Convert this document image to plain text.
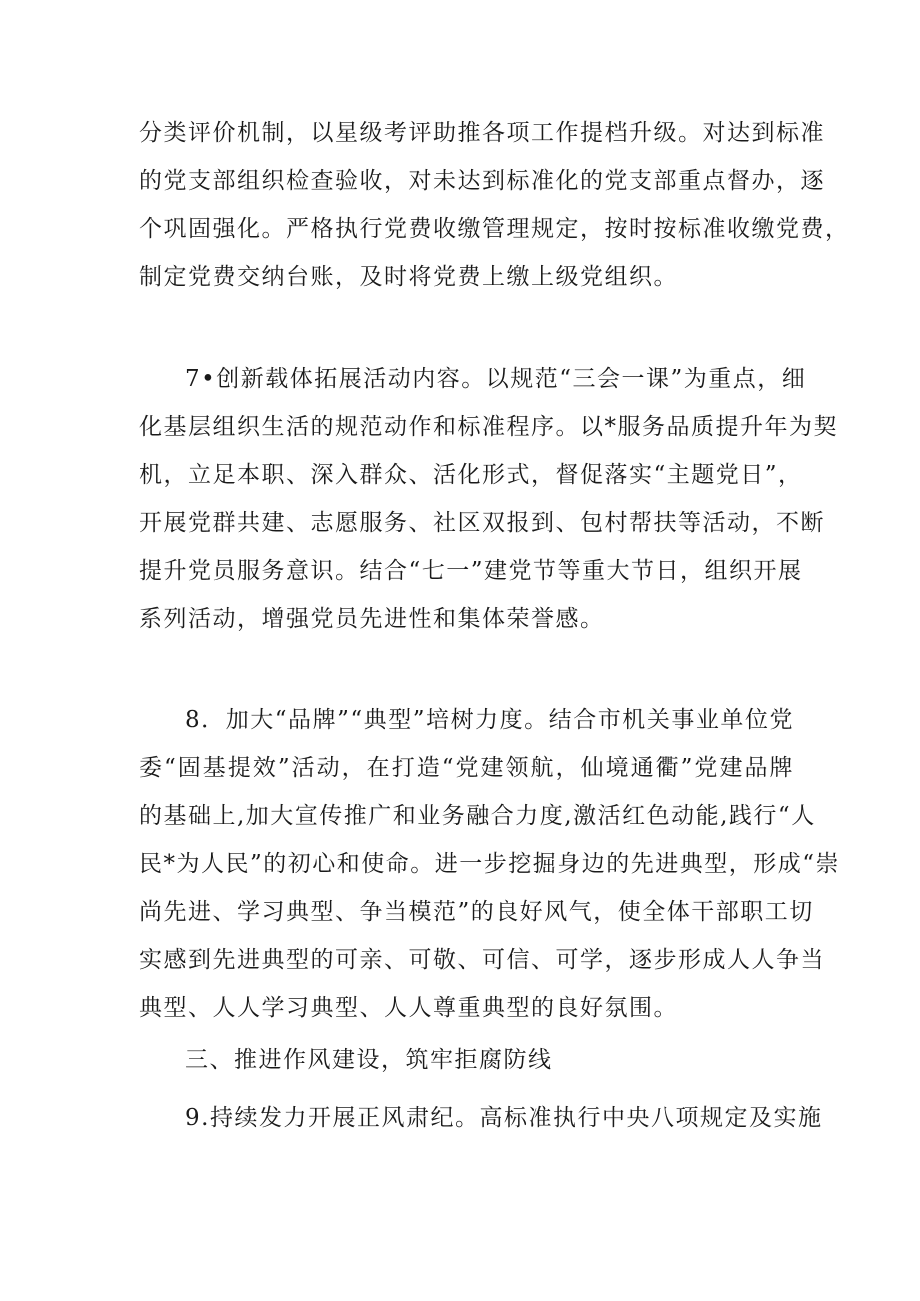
分类评价机制，以星级考评助推各项工作提档升级。对达到标准
的党支部组织检查验收，对未达到标准化的党支部重点督办，逐
个巩固强化。严格执行党费收缴管理规定，按时按标准收缴党费，
制定党费交纳台账，及时将党费上缴上级党组织。
7•创新载体拓展活动内容。以规范“三会一课”为重点，细
化基层组织生活的规范动作和标准程序。以*服务品质提升年为契
机，立足本职、深入群众、活化形式，督促落实“主题党日”，
开展党群共建、志愿服务、社区双报到、包村帮扶等活动，不断
提升党员服务意识。结合“七一”建党节等重大节日，组织开展
系列活动，增强党员先进性和集体荣誉感。
8．加大“品牌”“典型”培树力度。结合市机关事业单位党
委“固基提效”活动，在打造“党建领航，仙境通衢”党建品牌
的基础上,加大宣传推广和业务融合力度,激活红色动能,践行“人
民*为人民”的初心和使命。进一步挖掘身边的先进典型，形成“崇
尚先进、学习典型、争当模范”的良好风气，使全体干部职工切
实感到先进典型的可亲、可敬、可信、可学，逐步形成人人争当
典型、人人学习典型、人人尊重典型的良好氛围。
三、推进作风建设，筑牢拒腐防线
9.持续发力开展正风肃纪。高标准执行中央八项规定及实施
